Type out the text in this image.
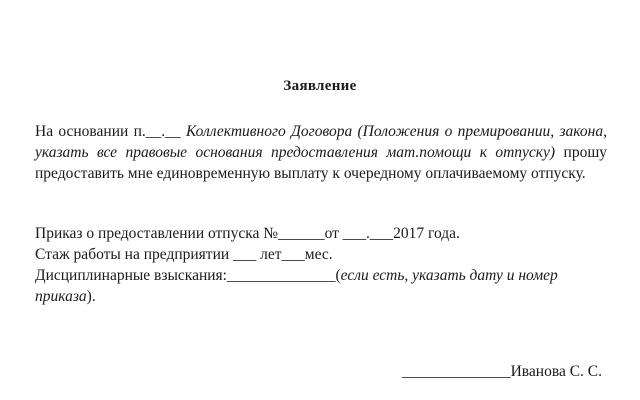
Заявление
На основании п.__.__ Коллективного Договора (Положения о премировании, закона, указать все правовые основания предоставления мат.помощи к отпуску) прошу предоставить мне единовременную выплату к очередному оплачиваемому отпуску.
Приказ о предоставлении отпуска №______от ___.___2017 года.
Стаж работы на предприятии ___ лет___мес.
Дисциплинарные взыскания:______________(если есть, указать дату и номер приказа).
______________Иванова С. С.
